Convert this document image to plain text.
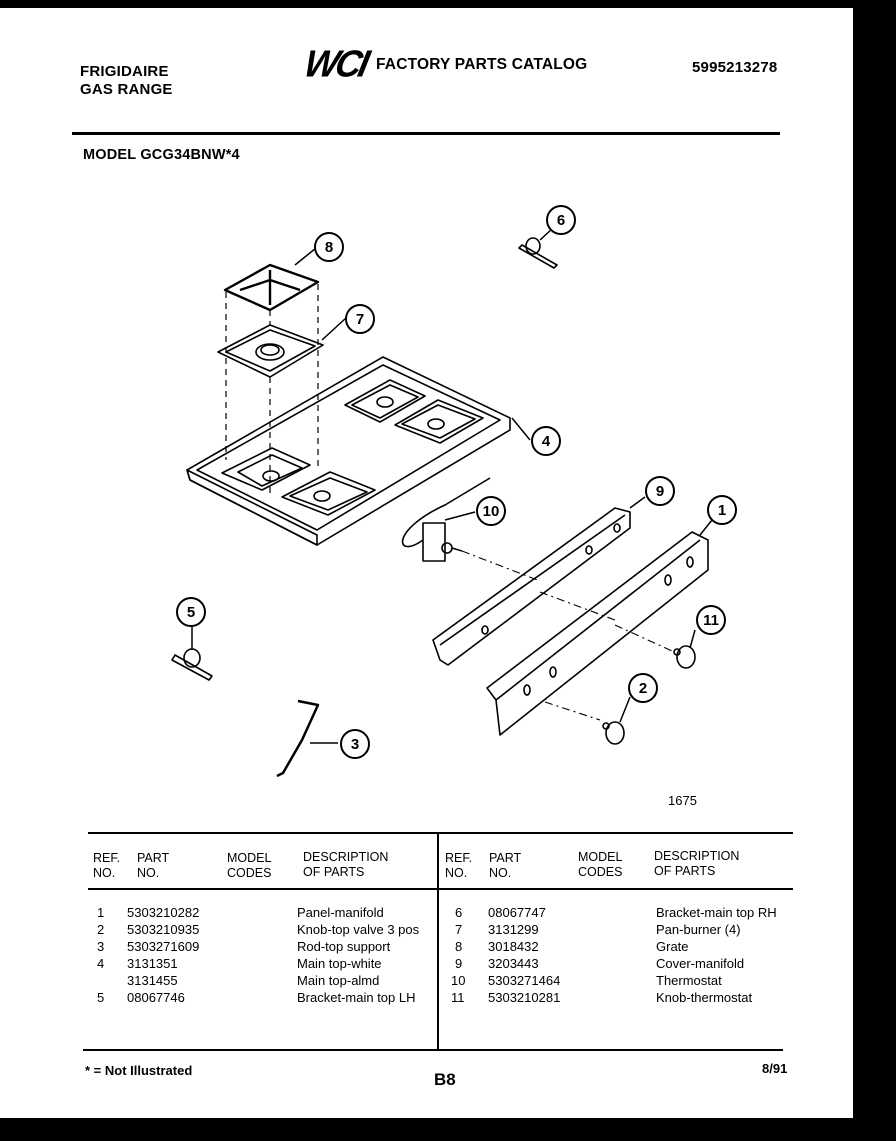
FRIGIDAIRE
GAS RANGE
WCI FACTORY PARTS CATALOG	5995213278
MODEL GCG34BNW*4
6
8
7
4
9
10	1
5	11
2
3
1675
REF.
NO.
PART
NO.
MODEL
CODES
DESCRIPTION
OF PARTS
REF.
NO.
PART
NO.
MODEL
CODES
DESCRIPTION
OF PARTS
1 5303210282	Panel-manifold
2 5303210935	Knob-top valve 3 pos
3 5303271609	Rod-top support
4 3131351	Main top-white
3131455	Main top-almd
5 08067746	Bracket-main top LH
6 08067747	Bracket-main top RH
7 3131299	Pan-burner (4)
8 3018432	Grate
9 3203443	Cover-manifold
10 5303271464	Thermostat
11 5303210281	Knob-thermostat
* = Not Illustrated	B8
8/91
